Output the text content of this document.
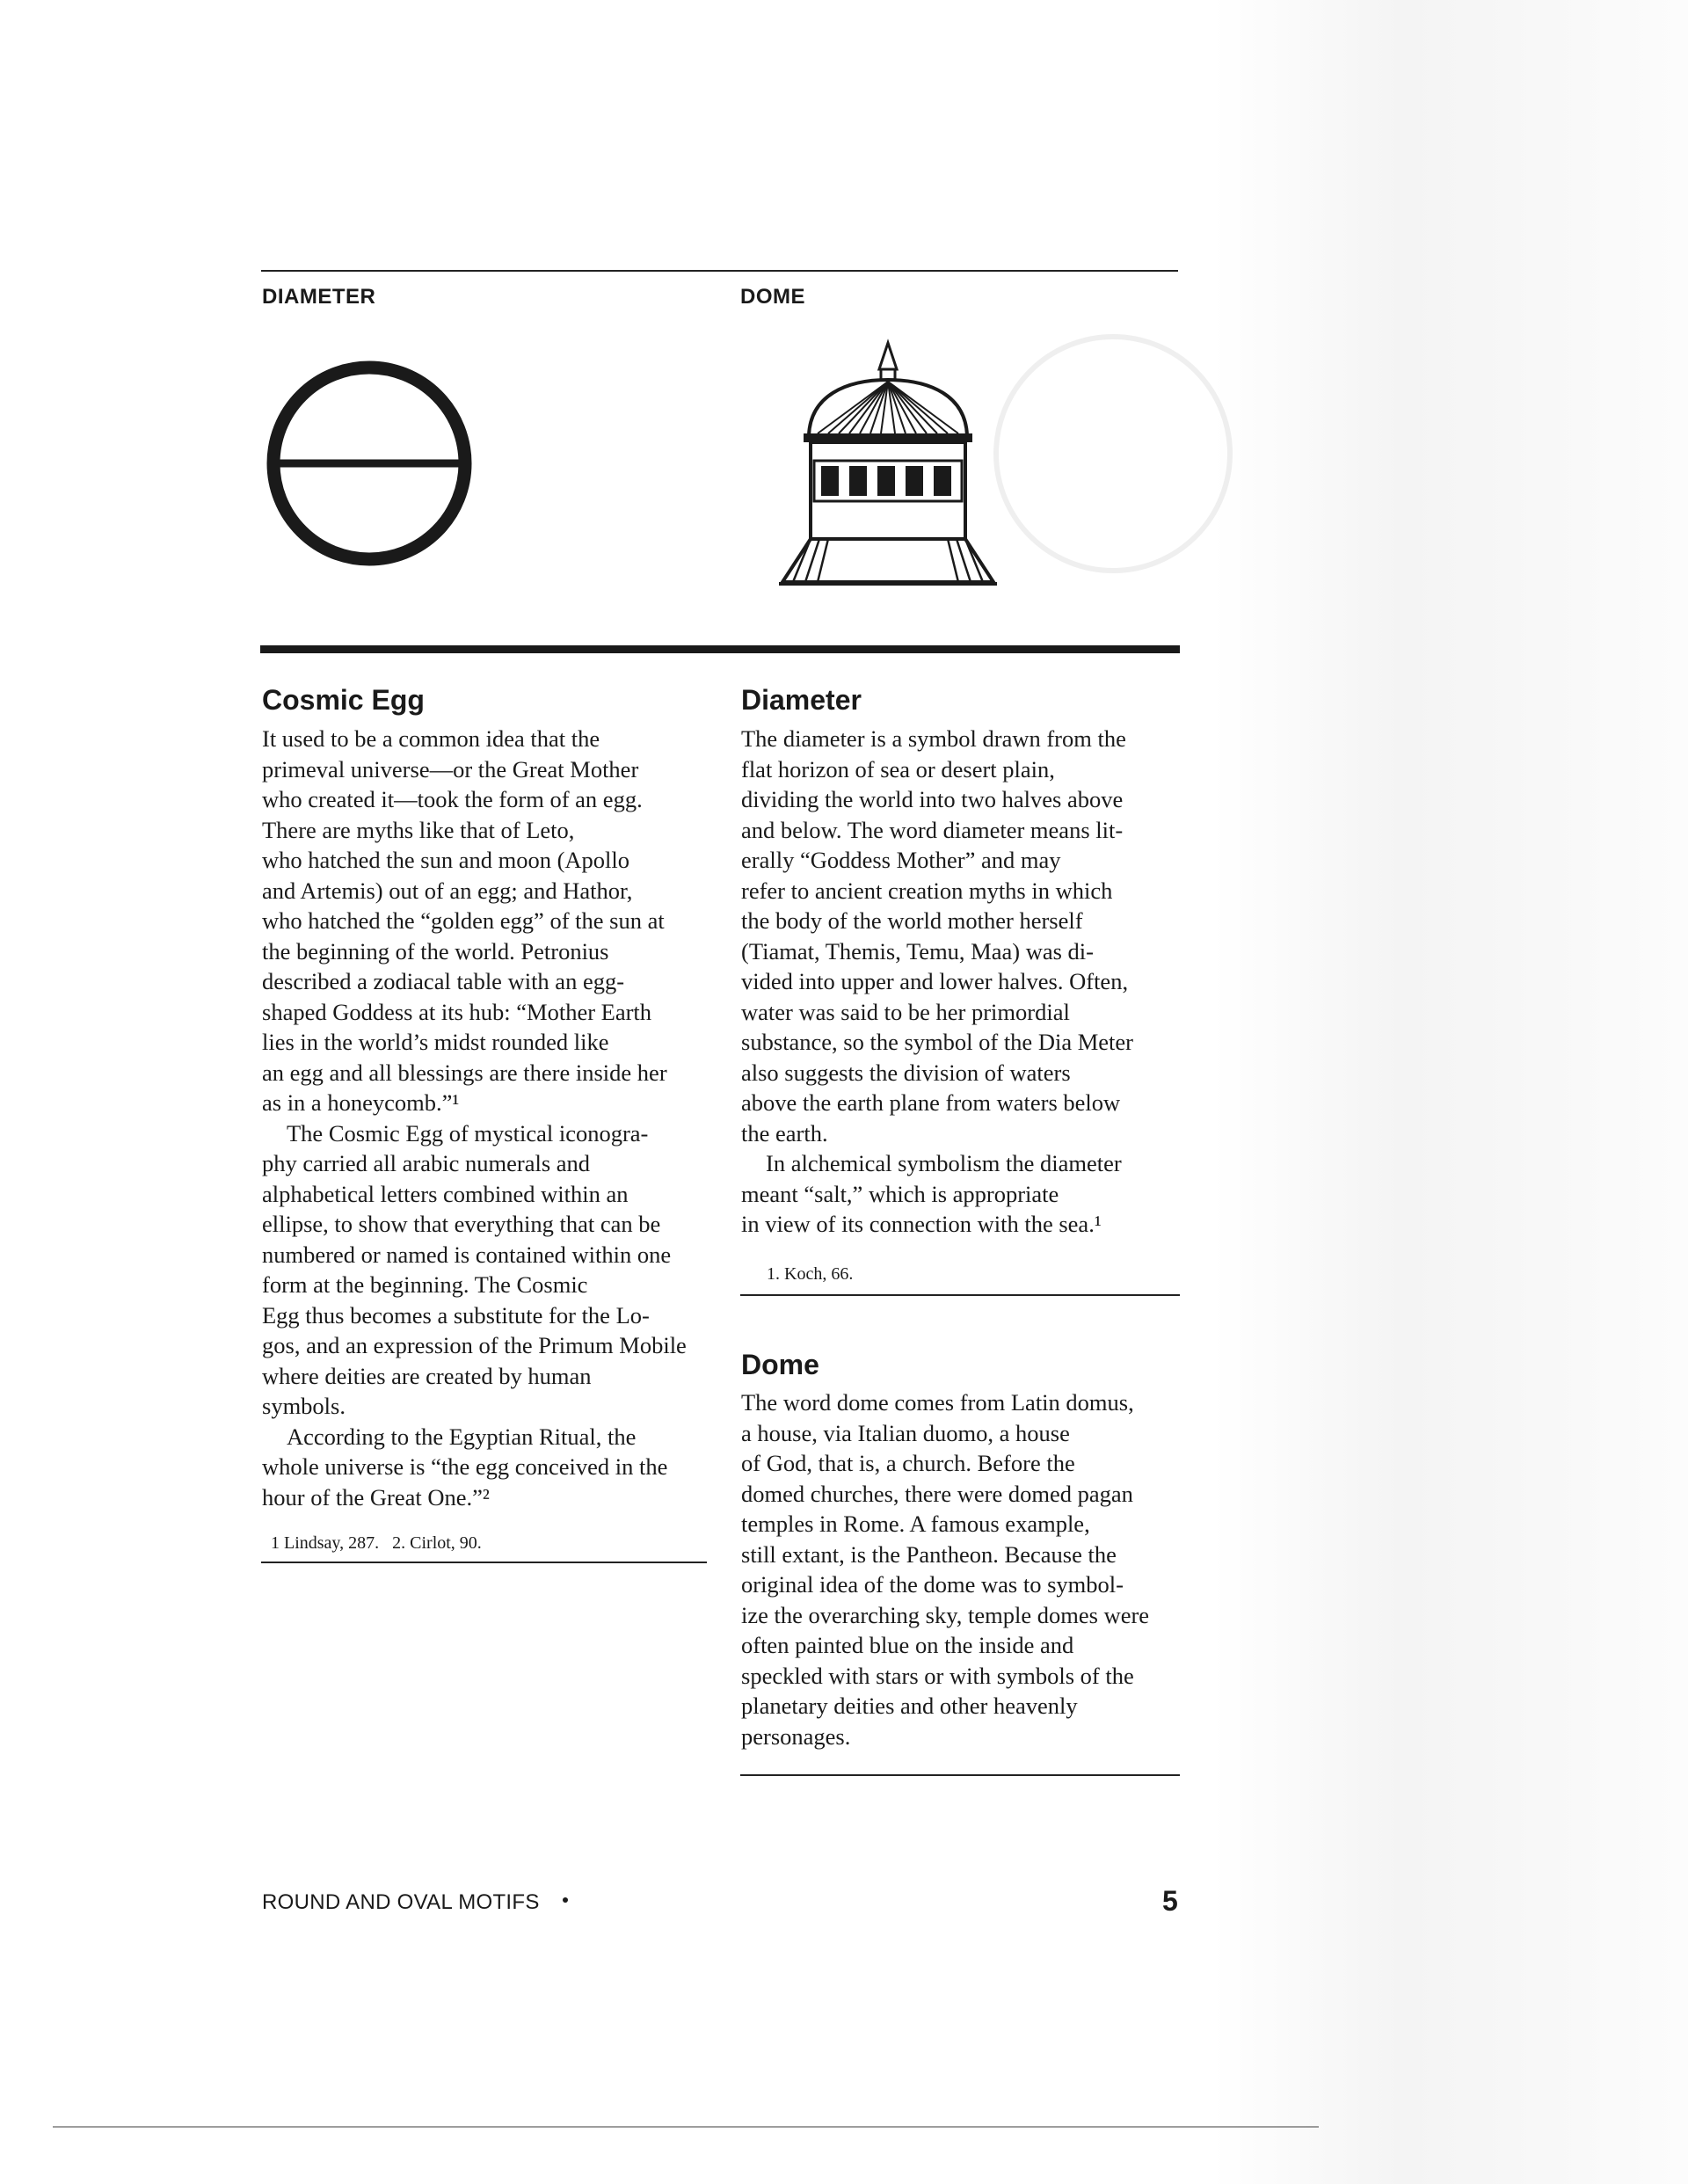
DIAMETER	DOME
Cosmic Egg

It used to be a common idea that the
primeval universe—or the Great Mother
who created it—took the form of an egg.
There are myths like that of Leto,
who hatched the sun and moon (Apollo
and Artemis) out of an egg; and Hathor,
who hatched the “golden egg” of the sun at
the beginning of the world. Petronius
described a zodiacal table with an egg-
shaped Goddess at its hub: “Mother Earth
lies in the world’s midst rounded like
an egg and all blessings are there inside her
as in a honeycomb.”¹

The Cosmic Egg of mystical iconogra-
phy carried all arabic numerals and
alphabetical letters combined within an
ellipse, to show that everything that can be
numbered or named is contained within one
form at the beginning. The Cosmic
Egg thus becomes a substitute for the Lo-
gos, and an expression of the Primum Mobile
where deities are created by human
symbols.

According to the Egyptian Ritual, the
whole universe is “the egg conceived in the
hour of the Great One.”²

1 Lindsay, 287.   2. Cirlot, 90.
Diameter

The diameter is a symbol drawn from the
flat horizon of sea or desert plain,
dividing the world into two halves above
and below. The word diameter means lit-
erally “Goddess Mother” and may
refer to ancient creation myths in which
the body of the world mother herself
(Tiamat, Themis, Temu, Maa) was di-
vided into upper and lower halves. Often,
water was said to be her primordial
substance, so the symbol of the Dia Meter
also suggests the division of waters
above the earth plane from waters below
the earth.

In alchemical symbolism the diameter
meant “salt,” which is appropriate
in view of its connection with the sea.¹

1. Koch, 66.
Dome

The word dome comes from Latin domus,
a house, via Italian duomo, a house
of God, that is, a church. Before the
domed churches, there were domed pagan
temples in Rome. A famous example,
still extant, is the Pantheon. Because the
original idea of the dome was to symbol-
ize the overarching sky, temple domes were
often painted blue on the inside and
speckled with stars or with symbols of the
planetary deities and other heavenly
personages.

ROUND AND OVAL MOTIFS	5
